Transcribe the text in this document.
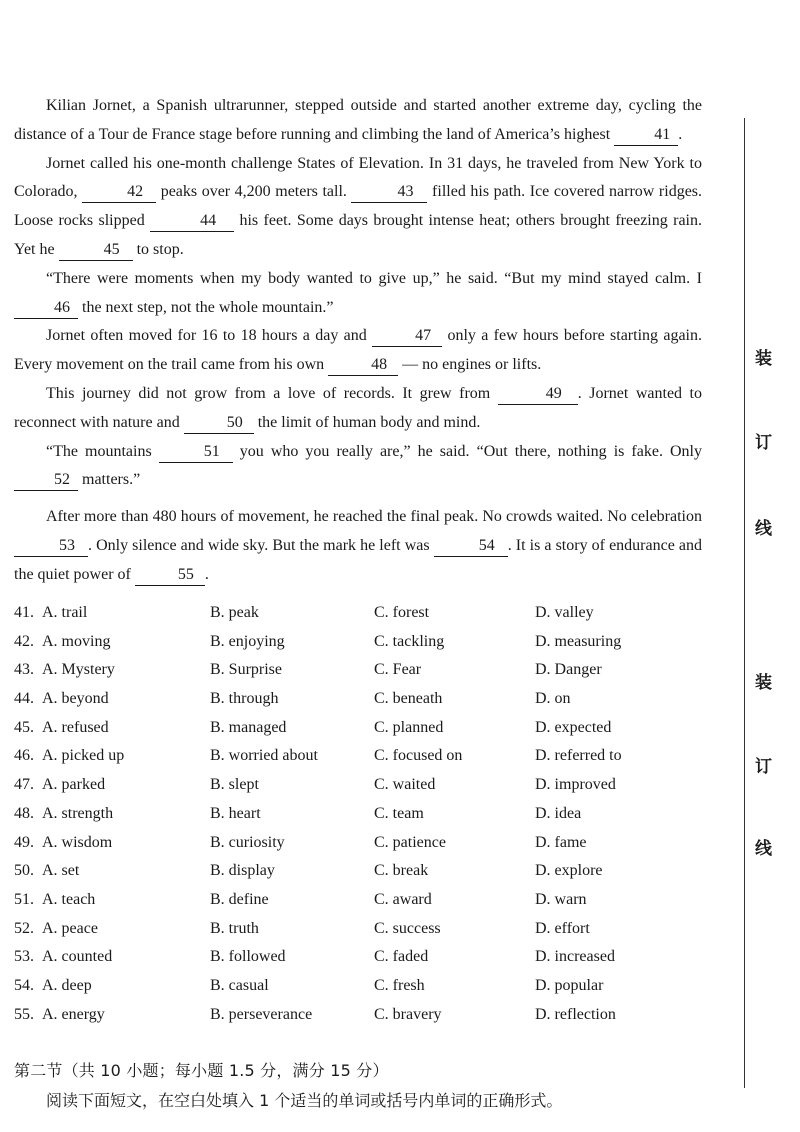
Kilian Jornet, a Spanish ultrarunner, stepped outside and started another extreme day, cycling the distance of a Tour de France stage before running and climbing the land of America’s highest	41 .

Jornet called his one-month challenge States of Elevation. In 31 days, he traveled from New York to Colorado,	42 peaks over 4,200 meters tall.	43 filled his path. Ice covered narrow ridges. Loose rocks slipped	44 his feet. Some days brought intense heat; others brought freezing rain. Yet he	45 to stop.

“There were moments when my body wanted to give up,” he said. “But my mind stayed calm. I 46 the next step, not the whole mountain.”

Jornet often moved for 16 to 18 hours a day and	47 only a few hours before starting again. Every movement on the trail came from his own	48 — no engines or lifts.

This journey did not grow from a love of records. It grew from	49 . Jornet wanted to reconnect with nature and	50 the limit of human body and mind.

“The mountains	51 you who you really are,” he said. “Out there, nothing is fake. Only 52 matters.”

After more than 480 hours of movement, he reached the final peak. No crowds waited. No celebration 53 . Only silence and wide sky. But the mark he left was	54 . It is a story of endurance and the quiet power of	55 .

41. A. trail	B. peak	C. forest	D. valley
42. A. moving	B. enjoying	C. tackling	D. measuring
43. A. Mystery	B. Surprise	C. Fear	D. Danger
44. A. beyond	B. through	C. beneath	D. on
45. A. refused	B. managed	C. planned	D. expected
46. A. picked up	B. worried about	C. focused on	D. referred to
47. A. parked	B. slept	C. waited	D. improved
48. A. strength	B. heart	C. team	D. idea
49. A. wisdom	B. curiosity	C. patience	D. fame
50. A. set	B. display	C. break	D. explore
51. A. teach	B. define	C. award	D. warn
52. A. peace	B. truth	C. success	D. effort
53. A. counted	B. followed	C. faded	D. increased
54. A. deep	B. casual	C. fresh	D. popular
55. A. energy	B. perseverance	C. bravery	D. reflection
第二节（共 10 小题；每小题 1.5 分，满分 15 分）
阅读下面短文，在空白处填入 1 个适当的单词或括号内单词的正确形式。
装
订
线
装
订
线
